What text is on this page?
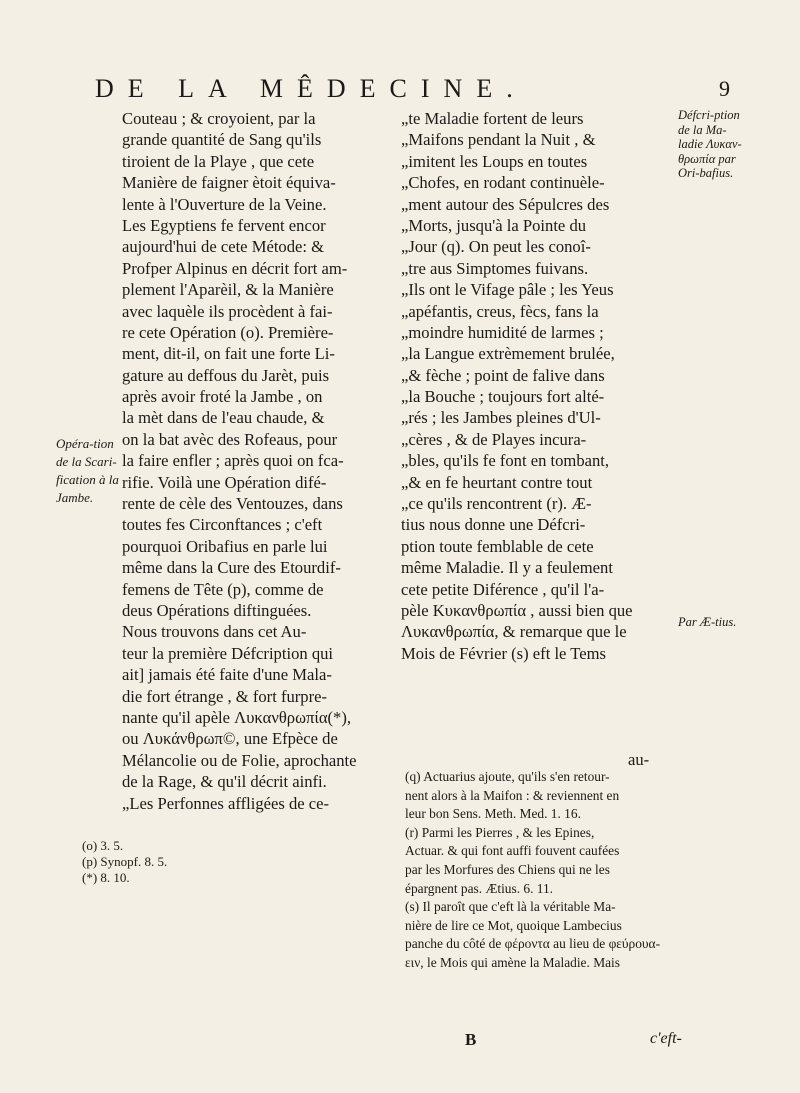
DE LA MÊDECINE.	9
Opéra-tion de la Scari-fication à la Jambe.
Couteau ; & croyoient, par la
grande quantité de Sang qu'ils
tiroient de la Playe , que cete
Manière de faigner ètoit équiva-
lente à l'Ouverture de la Veine.
Les Egyptiens fe fervent encor
aujourd'hui de cete Métode: &
Profper Alpinus en décrit fort am-
plement l'Aparèil, & la Manière
avec laquèle ils procèdent à fai-
re cete Opération (o). Première-
ment, dit-il, on fait une forte Li-
gature au deffous du Jarèt, puis
après avoir froté la Jambe , on
la mèt dans de l'eau chaude, &
on la bat avèc des Rofeaus, pour
la faire enfler ; après quoi on fca-
rifie. Voilà une Opération difé-
rente de cèle des Ventouzes, dans
toutes fes Circonftances ; c'eft
pourquoi Oribafius en parle lui
même dans la Cure des Etourdif-
femens de Tête (p), comme de
deus Opérations diftinguées.
Nous trouvons dans cet Au-
teur la première Défcription qui
ait] jamais été faite d'une Mala-
die fort étrange , & fort furpre-
nante qu'il apèle Λυκανθρωπία(*),
ou Λυκάνθρωπ©, une Efpèce de
Mélancolie ou de Folie, aprochante
de la Rage, & qu'il décrit ainfi.
„Les Perfonnes affligées de ce-
„te Maladie fortent de leurs
„Maifons pendant la Nuit , &
„imitent les Loups en toutes
„Chofes, en rodant continuèle-
„ment autour des Sépulcres des
„Morts, jusqu'à la Pointe du
„Jour (q). On peut les conoî-
„tre aus Simptomes fuivans.
„Ils ont le Vifage pâle ; les Yeus
„apéfantis, creus, fècs, fans la
„moindre humidité de larmes ;
„la Langue extrèmement brulée,
„& fèche ; point de falive dans
„la Bouche ; toujours fort alté-
„rés ; les Jambes pleines d'Ul-
„cères , & de Playes incura-
„bles, qu'ils fe font en tombant,
„& en fe heurtant contre tout
„ce qu'ils rencontrent (r). Æ-
tius nous donne une Défcri-
ption toute femblable de cete
même Maladie. Il y a feulement
cete petite Diférence , qu'il l'a-
pèle Κυκανθρωπία , aussi bien que
Λυκανθρωπία, & remarque que le
Mois de Février (s) eft le Tems
au-
Défcri-ption de la Ma-ladie Λυκαν-θρωπία par Ori-bafius.
Par Æ-tius.
(o) 3. 5.
(p) Synopf. 8. 5.
(*) 8. 10.
(q) Actuarius ajoute, qu'ils s'en retour-
nent alors à la Maifon : & reviennent en
leur bon Sens. Meth. Med. 1. 16.
(r) Parmi les Pierres , & les Epines,
Actuar. & qui font auffi fouvent caufées
par les Morfures des Chiens qui ne les
épargnent pas. Ætius. 6. 11.
(s) Il paroît que c'eft là la véritable Ma-
nière de lire ce Mot, quoique Lambecius
panche du côté de φέροντα au lieu de φεύρουα-
ειν, le Mois qui amène la Maladie. Mais
B	c'eft-
